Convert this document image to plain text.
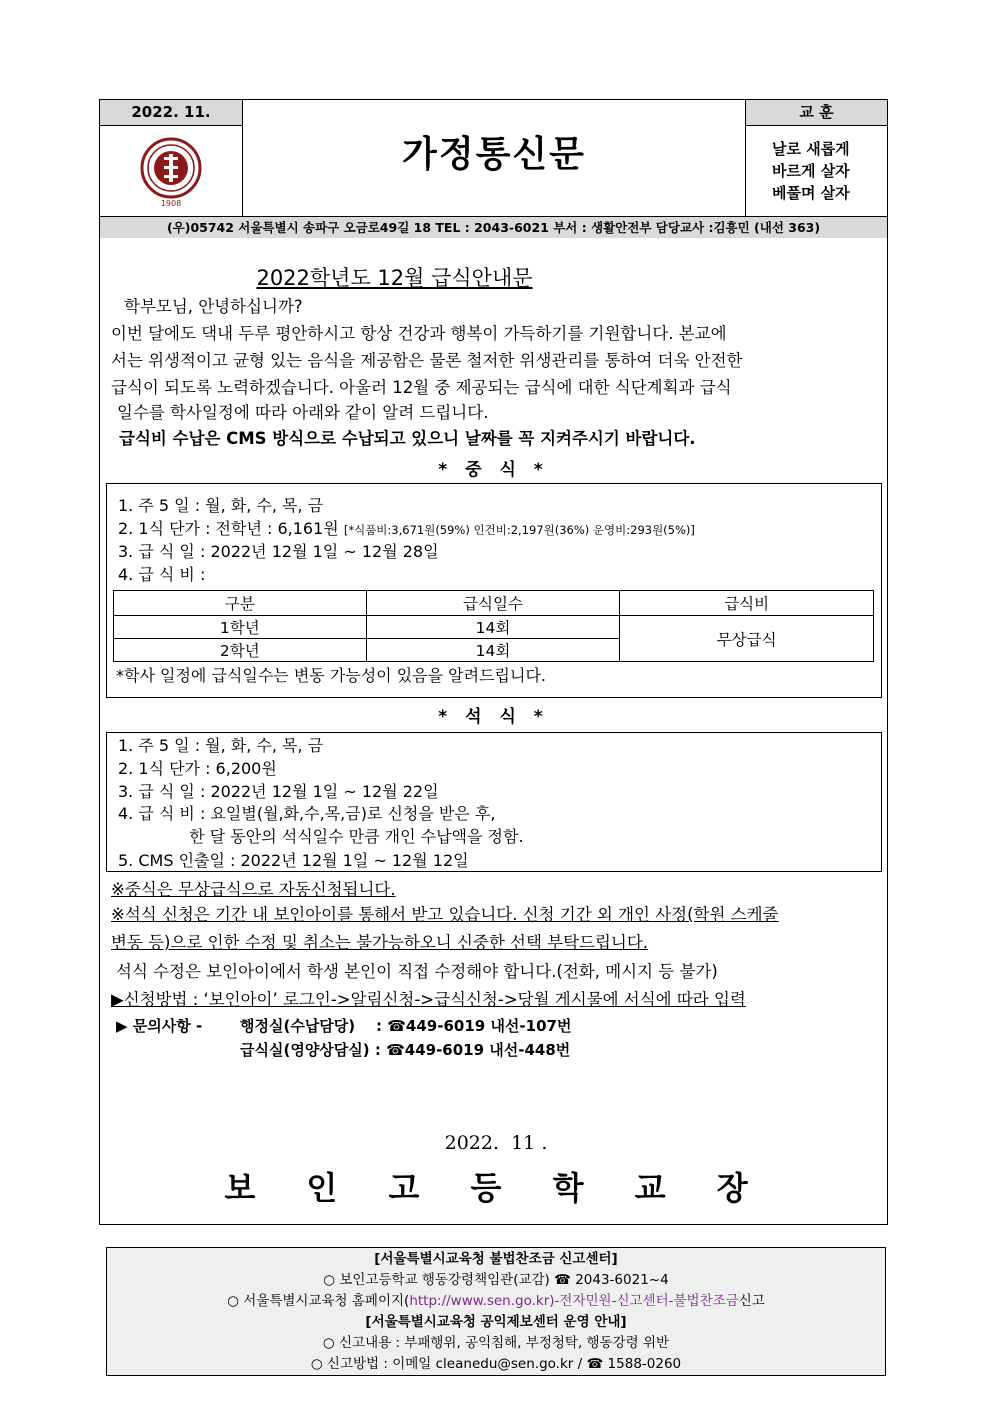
2022. 11.
1908
가정통신문
교 훈
날로 새롭게
바르게 살자
베풀며 살자
(우)05742 서울특별시 송파구 오금로49길 18 TEL : 2043-6021 부서 : 생활안전부 담당교사 :김흥민 (내선 363)
2022학년도 12월 급식안내문
학부모님, 안녕하십니까?
이번 달에도 댁내 두루 평안하시고 항상 건강과 행복이 가득하기를 기원합니다. 본교에
서는 위생적이고 균형 있는 음식을 제공함은 물론 철저한 위생관리를 통하여 더욱 안전한
급식이 되도록 노력하겠습니다. 아울러 12월 중 제공되는 급식에 대한 식단계획과 급식
일수를 학사일정에 따라 아래와 같이 알려 드립니다.
급식비 수납은 CMS 방식으로 수납되고 있으니 날짜를 꼭 지켜주시기 바랍니다.
* 중 식 *
1. 주 5 일 : 월, 화, 수, 목, 금
2. 1식 단가 : 전학년 : 6,161원 [*식품비:3,671원(59%) 인건비:2,197원(36%) 운영비:293원(5%)]
3. 급 식 일 : 2022년 12월 1일 ~ 12월 28일
4. 급 식 비 :
구분	급식일수	급식비
1학년	14회	무상급식
2학년	14회	
*학사 일정에 급식일수는 변동 가능성이 있음을 알려드립니다.
* 석 식 *
1. 주 5 일 : 월, 화, 수, 목, 금
2. 1식 단가 : 6,200원
3. 급 식 일 : 2022년 12월 1일 ~ 12월 22일
4. 급 식 비 : 요일별(월,화,수,목,금)로 신청을 받은 후,
한 달 동안의 석식일수 만큼 개인 수납액을 정함.
5. CMS 인출일 : 2022년 12월 1일 ~ 12월 12일
※중식은 무상급식으로 자동신청됩니다.
※석식 신청은 기간 내 보인아이를 통해서 받고 있습니다. 신청 기간 외 개인 사정(학원 스케줄
변동 등)으로 인한 수정 및 취소는 불가능하오니 신중한 선택 부탁드립니다.
석식 수정은 보인아이에서 학생 본인이 직접 수정해야 합니다.(전화, 메시지 등 불가)
▶신청방법 : ‘보인아이’ 로그인->알림신청->급식신청->당월 게시물에 서식에 따라 입력
▶ 문의사항 -	행정실(수납담당)    : ☎449-6019 내선-107번
급식실(영양상담실) : ☎449-6019 내선-448번
2022.  11 .
보 인 고 등 학 교 장
[서울특별시교육청 불법찬조금 신고센터]
○ 보인고등학교 행동강령책임관(교감) ☎ 2043-6021~4
○ 서울특별시교육청 홈페이지(http://www.sen.go.kr)-전자민원-신고센터-불법찬조금신고
[서울특별시교육청 공익제보센터 운영 안내]
○ 신고내용 : 부패행위, 공익침해, 부정청탁, 행동강령 위반
○ 신고방법 : 이메일 cleanedu@sen.go.kr / ☎ 1588-0260
